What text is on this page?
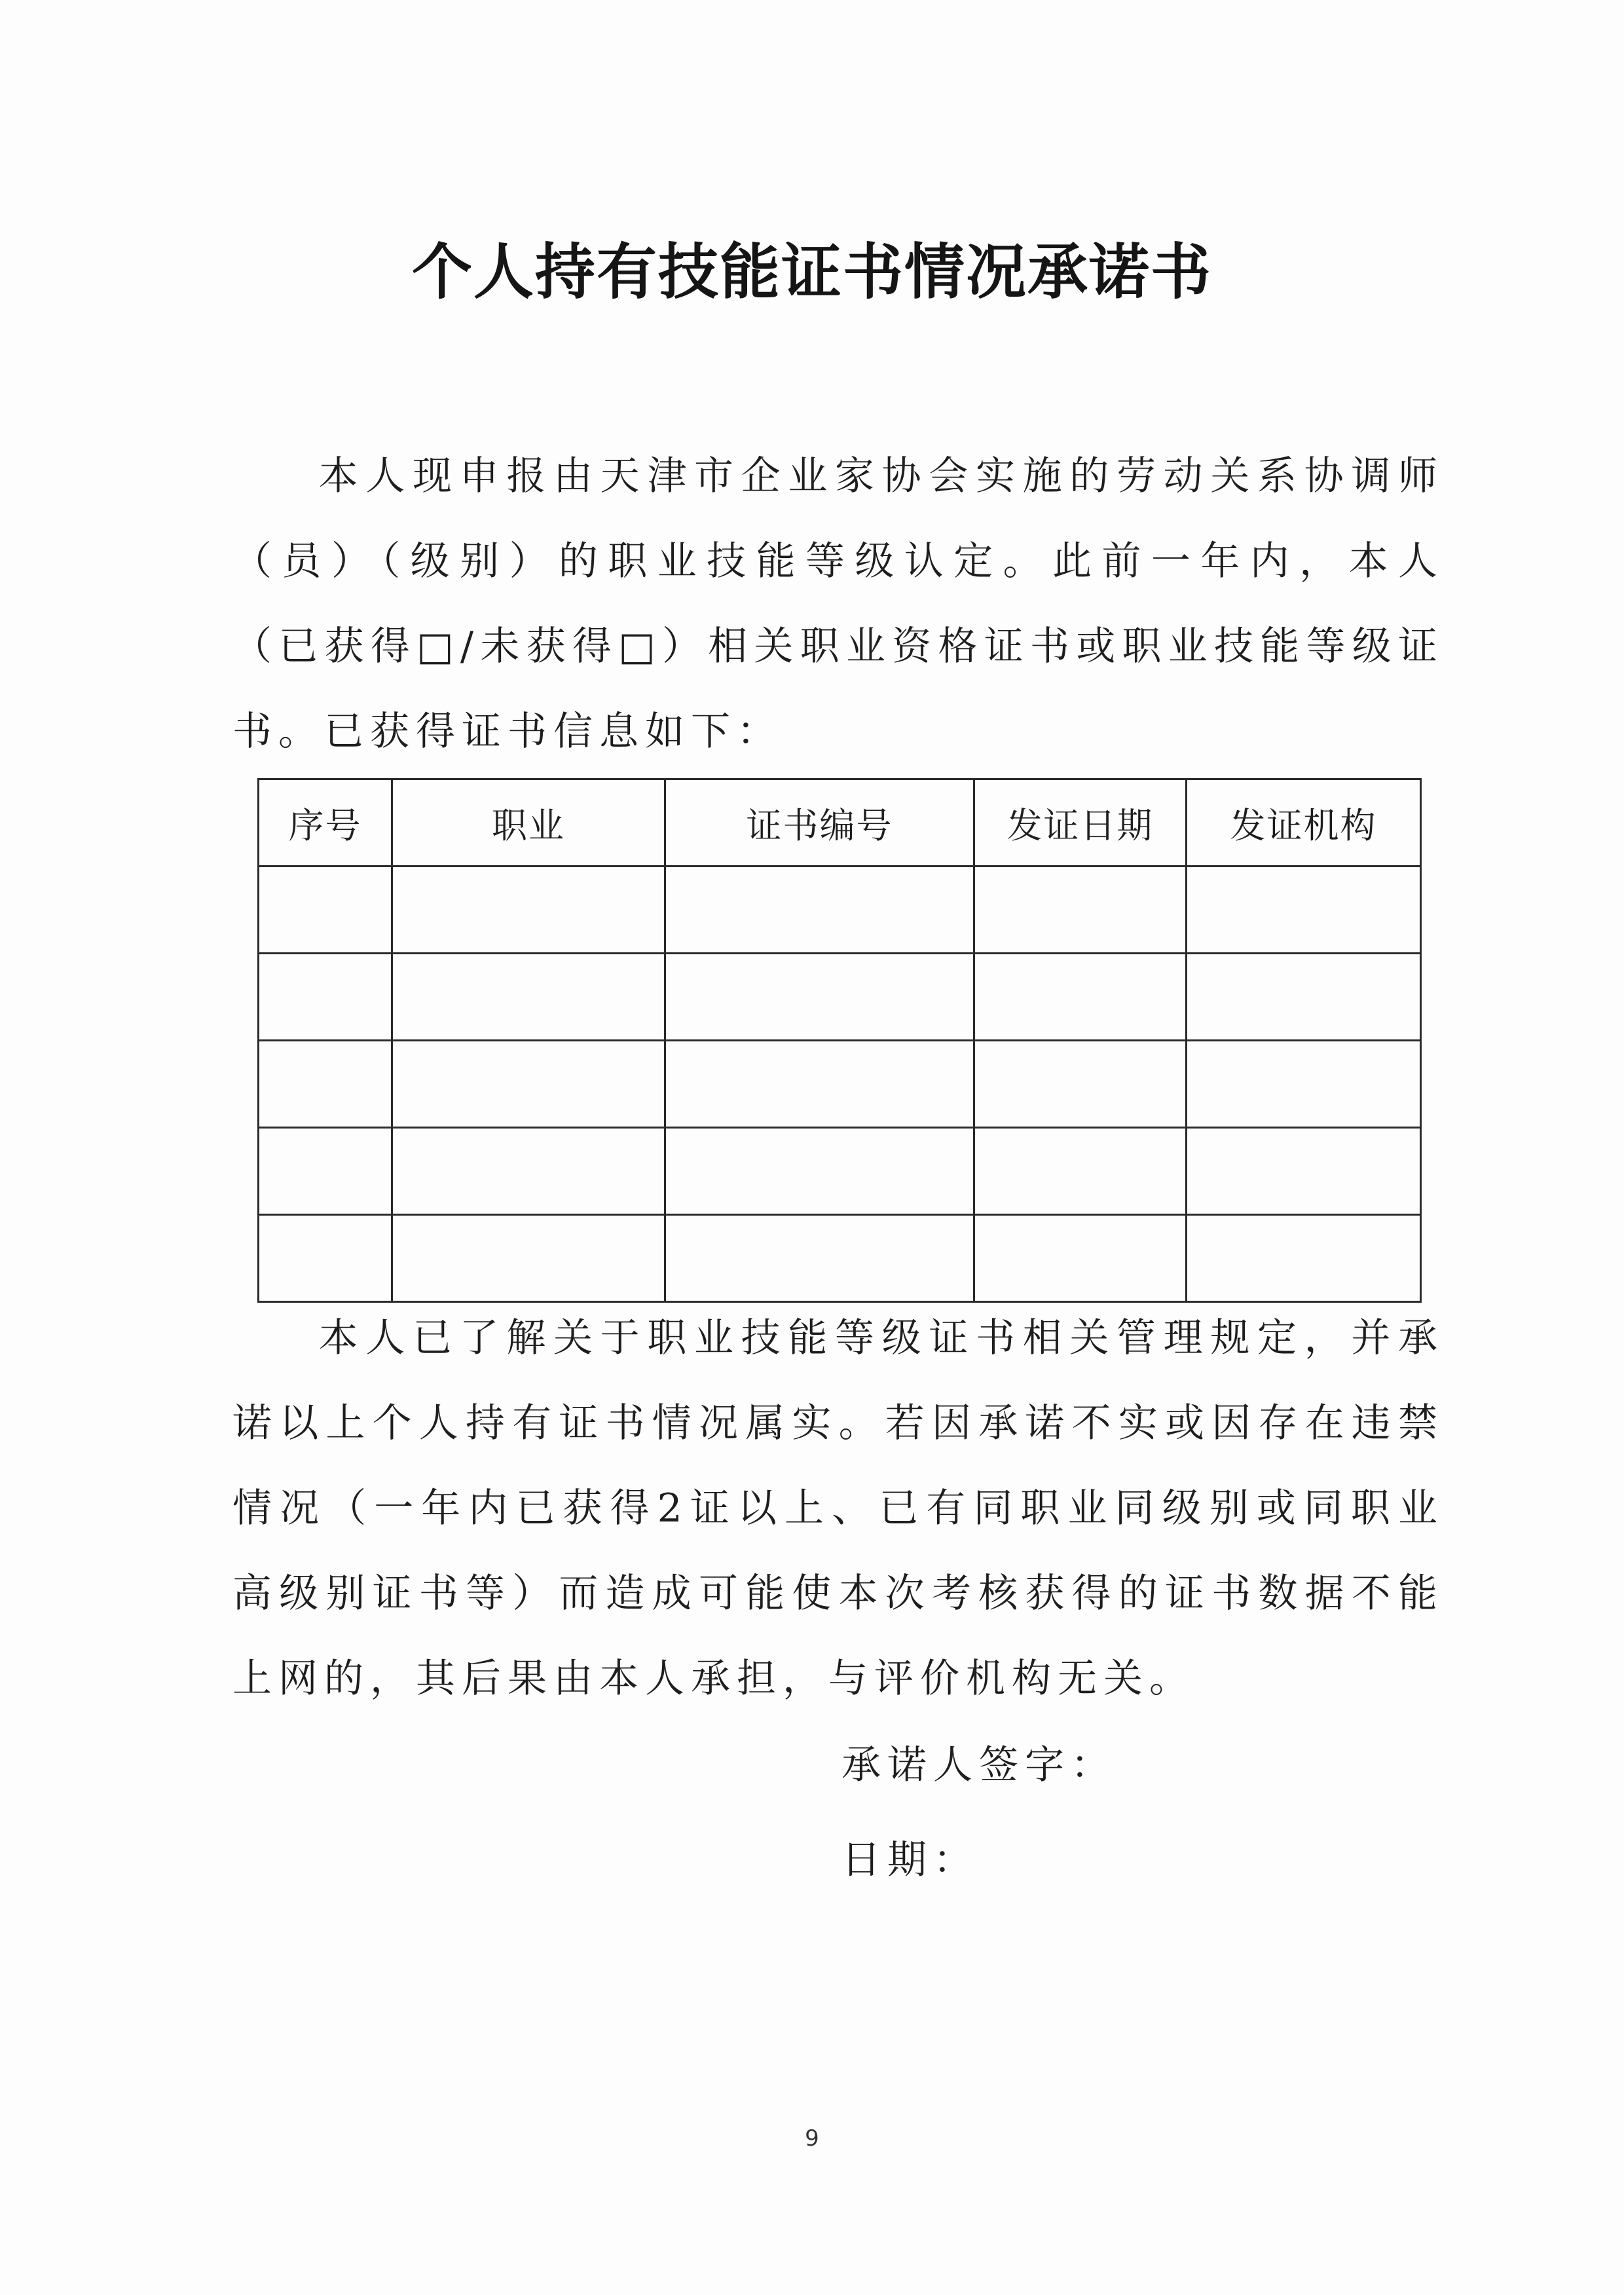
个人持有技能证书情况承诺书
本人现申报由天津市企业家协会实施的劳动关系协调师（员）（级别）的职业技能等级认定。此前一年内，本人（已获得□/未获得□）相关职业资格证书或职业技能等级证书。已获得证书信息如下：
序号	职业	证书编号	发证日期	发证机构

本人已了解关于职业技能等级证书相关管理规定，并承诺以上个人持有证书情况属实。若因承诺不实或因存在违禁情况（一年内已获得2证以上、已有同职业同级别或同职业高级别证书等）而造成可能使本次考核获得的证书数据不能上网的，其后果由本人承担，与评价机构无关。
承诺人签字：
日期：
9
